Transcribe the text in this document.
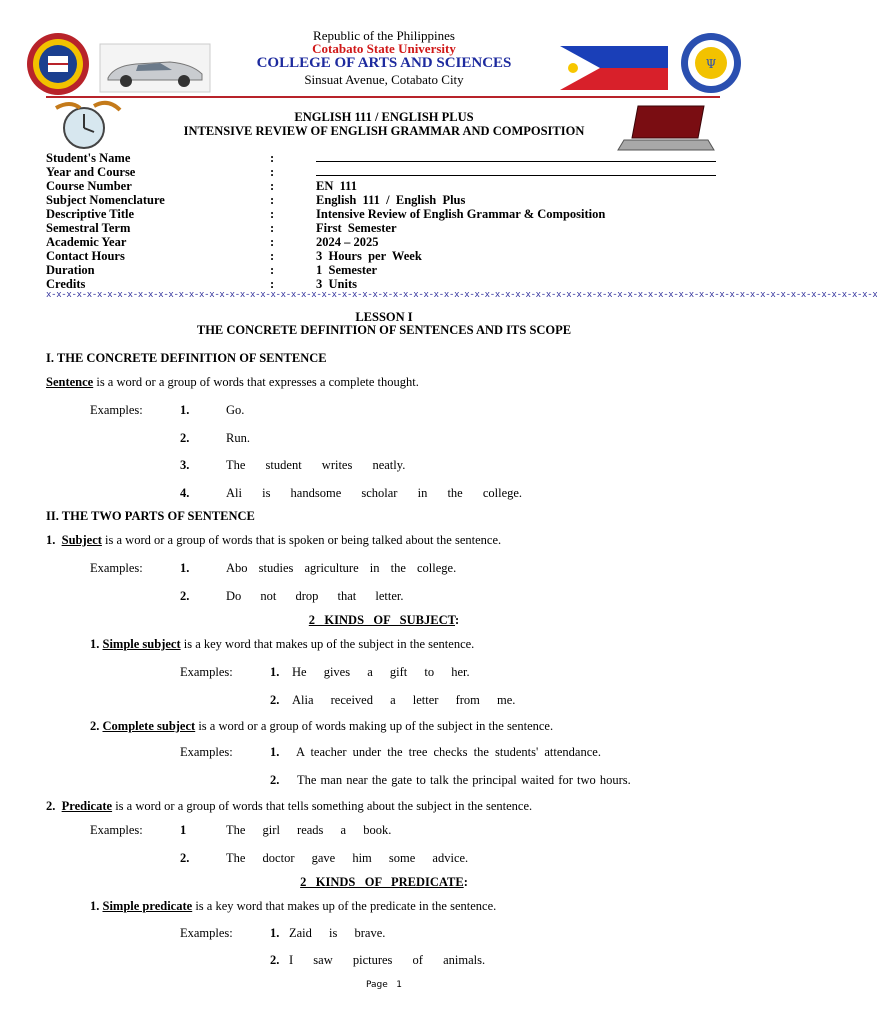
Ψ
Republic of the Philippines
Cotabato State University
COLLEGE OF ARTS AND SCIENCES
Sinsuat Avenue, Cotabato City
ENGLISH 111 / ENGLISH PLUS
INTENSIVE REVIEW OF ENGLISH GRAMMAR AND COMPOSITION
Student's Name	:
Year and Course	:
Course Number	:	EN  111
Subject Nomenclature	:	English  111  /  English  Plus
Descriptive Title	:	Intensive Review of English Grammar & Composition
Semestral Term	:	First  Semester
Academic Year	:	2024 – 2025
Contact Hours	:	3  Hours  per  Week
Duration	:	1  Semester
Credits	:	3  Units
x-x-x-x-x-x-x-x-x-x-x-x-x-x-x-x-x-x-x-x-x-x-x-x-x-x-x-x-x-x-x-x-x-x-x-x-x-x-x-x-x-x-x-x-x-x-x-x-x-x-x-x-x-x-x-x-x-x-x-x-x-x-x-x-x-x-x-x-x-x-x-x-x-x-x-x-x-x-x-x-x-x
LESSON I
THE CONCRETE DEFINITION OF SENTENCES AND ITS SCOPE
I. THE CONCRETE DEFINITION OF SENTENCE
Sentence is a word or a group of words that expresses a complete thought.
Examples:	1.	Go.
2.	Run.
3.	The student writes neatly.
4.	Ali is handsome scholar in the college.
II. THE TWO PARTS OF SENTENCE
1. Subject is a word or a group of words that is spoken or being talked about the sentence.
Examples:	1.	Abo studies agriculture in the college.
2.	Do not drop that letter.
2   KINDS   OF   SUBJECT:
1. Simple subject is a key word that makes up of the subject in the sentence.
Examples:	1. He gives a gift to her.
2. Alia received a letter from me.
2. Complete subject is a word or a group of words making up of the subject in the sentence.
Examples:	1. A teacher under the tree checks the students' attendance.
2. The man near the gate to talk the principal waited for two hours.
2. Predicate is a word or a group of words that tells something about the subject in the sentence.
Examples:	1	The girl reads a book.
2.	The doctor gave him some advice.
2   KINDS   OF   PREDICATE:
1. Simple predicate is a key word that makes up of the predicate in the sentence.
Examples:	1. Zaid is brave.
2. I saw pictures of animals.
Page   1
